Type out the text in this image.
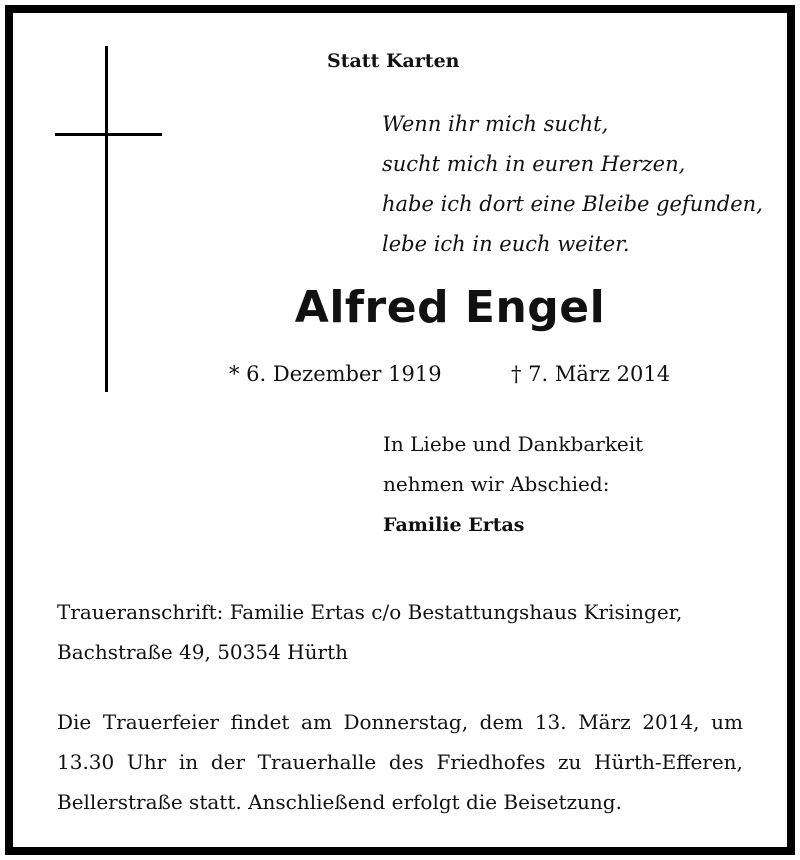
Statt Karten
Wenn ihr mich sucht,
sucht mich in euren Herzen,
habe ich dort eine Bleibe gefunden,
lebe ich in euch weiter.
Alfred Engel
* 6. Dezember 1919	† 7. März 2014
In Liebe und Dankbarkeit
nehmen wir Abschied:
Familie Ertas
Traueranschrift: Familie Ertas c/o Bestattungshaus Krisinger,
Bachstraße 49, 50354 Hürth
Die Trauerfeier findet am Donnerstag, dem 13. März 2014, um
13.30 Uhr in der Trauerhalle des Friedhofes zu Hürth-Efferen,
Bellerstraße statt. Anschließend erfolgt die Beisetzung.
